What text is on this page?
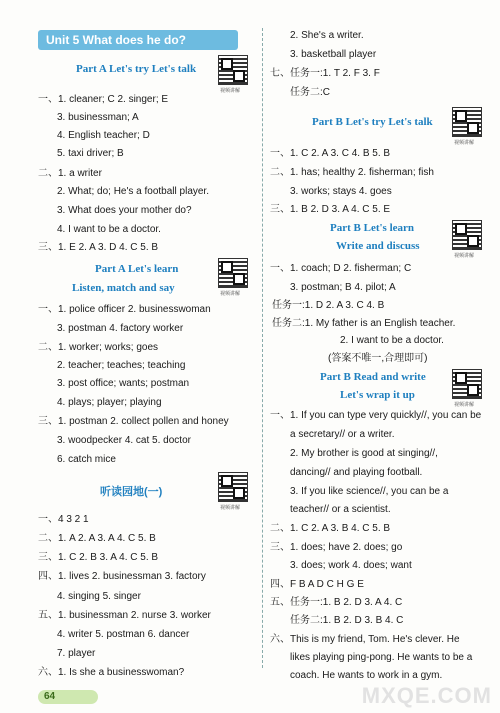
Unit 5 What does he do?
Part A Let's try Let's talk
视频讲解
一、1. cleaner; C 2. singer; E
3. businessman; A
4. English teacher; D
5. taxi driver; B
二、1. a writer
2. What; do; He's a football player.
3. What does your mother do?
4. I want to be a doctor.
三、1. E 2. A 3. D 4. C 5. B
Part A Let's learn
Listen, match and say	视频讲解
一、1. police officer 2. businesswoman
3. postman 4. factory worker
二、1. worker; works; goes
2. teacher; teaches; teaching
3. post office; wants; postman
4. plays; player; playing
三、1. postman 2. collect pollen and honey
3. woodpecker 4. cat 5. doctor
6. catch mice
听读园地(一)
视频讲解
一、4 3 2 1
二、1. A 2. A 3. A 4. C 5. B
三、1. C 2. B 3. A 4. C 5. B
四、1. lives 2. businessman 3. factory
4. singing 5. singer
五、1. businessman 2. nurse 3. worker
4. writer 5. postman 6. dancer
7. player
六、1. Is she a businesswoman?
64
2. She's a writer.
3. basketball player
七、任务一:1. T 2. F 3. F
任务二:C
Part B Let's try Let's talk
视频讲解
一、1. C 2. A 3. C 4. B 5. B
二、1. has; healthy 2. fisherman; fish
3. works; stays 4. goes
三、1. B 2. D 3. A 4. C 5. E
Part B Let's learn
Write and discuss
视频讲解
一、1. coach; D 2. fisherman; C
3. postman; B 4. pilot; A
任务一:1. D 2. A 3. C 4. B
任务二:1. My father is an English teacher.
2. I want to be a doctor.
(答案不唯一,合理即可)
Part B Read and write
Let's wrap it up
视频讲解
一、1. If you can type very quickly//, you can be
a secretary// or a writer.
2. My brother is good at singing//,
dancing// and playing football.
3. If you like science//, you can be a
teacher// or a scientist.
二、1. C 2. A 3. B 4. C 5. B
三、1. does; have 2. does; go
3. does; work 4. does; want
四、F B A D C H G E
五、任务一:1. B 2. D 3. A 4. C
任务二:1. B 2. D 3. B 4. C
六、This is my friend, Tom. He's clever. He
likes playing ping-pong. He wants to be a
coach. He wants to work in a gym.
MXQE.COM
